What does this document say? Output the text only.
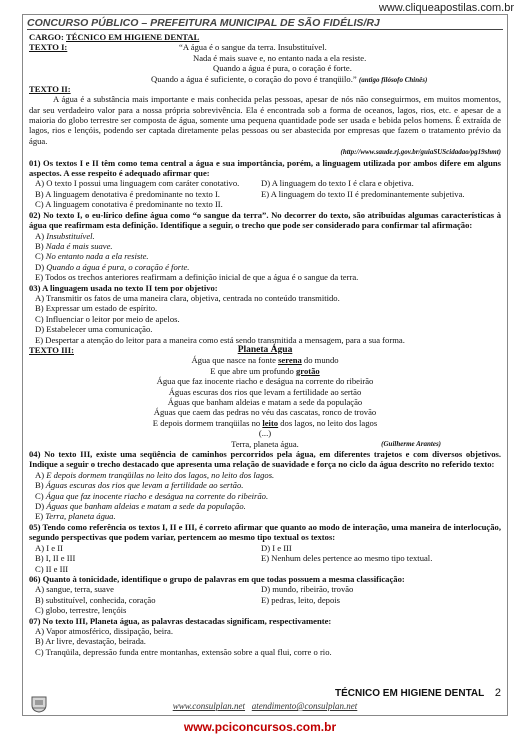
www.cliqueapostilas.com.br
CONCURSO PÚBLICO – PREFEITURA MUNICIPAL DE SÃO FIDÉLIS/RJ
CARGO: TÉCNICO EM HIGIENE DENTAL
TEXTO I:	“A água é o sangue da terra. Insubstituível.
Nada é mais suave e, no entanto nada a ela resiste.
Quando a água é pura, o coração é forte.
Quando a água é suficiente, o coração do povo é tranqüilo.” (antigo filósofo Chinês)
TEXTO II:
A água é a substância mais importante e mais conhecida pelas pessoas, apesar de nós não conseguirmos, em muitos momentos, dar seu verdadeiro valor para a nossa própria sobrevivência. Ela é encontrada sob a forma de oceanos, lagos, rios, etc. e apesar de a maioria do globo terrestre ser composta de água, somente uma pequena quantidade pode ser usada e bebida pelos homens. É extraída de lagos, rios e lençóis, podendo ser captada diretamente pelas pessoas ou ser abastecida por empresas que fazem o tratamento prévio da água.
(http://www.saude.rj.gov.br/guiaSUScidadao/pg19shmt)
01) Os textos I e II têm como tema central a água e sua importância, porém, a linguagem utilizada por ambos difere em alguns aspectos. A esse respeito é adequado afirmar que:
A) O texto I possui uma linguagem com caráter conotativo.	D) A linguagem do texto I é clara e objetiva.
B) A linguagem denotativa é predominante no texto I.	E) A linguagem do texto II é predominantemente subjetiva.
C) A linguagem conotativa é predominante no texto II.
02) No texto I, o eu-lírico define água como “o sangue da terra”. No decorrer do texto, são atribuídas algumas características à água que reafirmam esta definição. Identifique a seguir, o trecho que pode ser considerado para confirmar tal afirmação:
A) Insubstituível.
B) Nada é mais suave.
C) No entanto nada a ela resiste.
D) Quando a água é pura, o coração é forte.
E) Todos os trechos anteriores reafirmam a definição inicial de que a água é o sangue da terra.
03) A linguagem usada no texto II tem por objetivo:
A) Transmitir os fatos de uma maneira clara, objetiva, centrada no conteúdo transmitido.
B) Expressar um estado de espírito.
C) Influenciar o leitor por meio de apelos.
D) Estabelecer uma comunicação.
E) Despertar a atenção do leitor para a maneira como está sendo transmitida a mensagem, para a sua forma.
TEXTO III:	Planeta Água
Água que nasce na fonte serena do mundo
E que abre um profundo grotão
Água que faz inocente riacho e deságua na corrente do ribeirão
Águas escuras dos rios que levam a fertilidade ao sertão
Águas que banham aldeias e matam a sede da população
Águas que caem das pedras no véu das cascatas, ronco de trovão
E depois dormem tranqüilas no leito dos lagos, no leito dos lagos
(...)
Terra, planeta água.	(Guilherme Arantes)
04) No texto III, existe uma seqüência de caminhos percorridos pela água, em diferentes trajetos e com diversos objetivos. Indique a seguir o trecho destacado que apresenta uma relação de suavidade e força no ciclo da água descrito no referido texto:
A) E depois dormem tranqüilas no leito dos lagos, no leito dos lagos.
B) Águas escuras dos rios que levam a fertilidade ao sertão.
C) Água que faz inocente riacho e deságua na corrente do ribeirão.
D) Águas que banham aldeias e matam a sede da população.
E) Terra, planeta água.
05) Tendo como referência os textos I, II e III, é correto afirmar que quanto ao modo de interação, uma maneira de interlocução, segundo perspectivas que podem variar, pertencem ao mesmo tipo textual os textos:
A) I e II	D) I e III
B) I, II e III	E) Nenhum deles pertence ao mesmo tipo textual.
C) II e III
06) Quanto à tonicidade, identifique o grupo de palavras em que todas possuem a mesma classificação:
A) sangue, terra, suave	D) mundo, ribeirão, trovão
B) substituível, conhecida, coração	E) pedras, leito, depois
C) globo, terrestre, lençóis
07) No texto III, Planeta água, as palavras destacadas significam, respectivamente:
A) Vapor atmosférico, dissipação, beira.
B) Ar livre, devastação, beirada.
C) Tranqüila, depressão funda entre montanhas, extensão sobre a qual flui, corre o rio.
TÉCNICO EM HIGIENE DENTAL 2
www.consulplan.net atendimento@consulplan.net
www.pciconcursos.com.br
